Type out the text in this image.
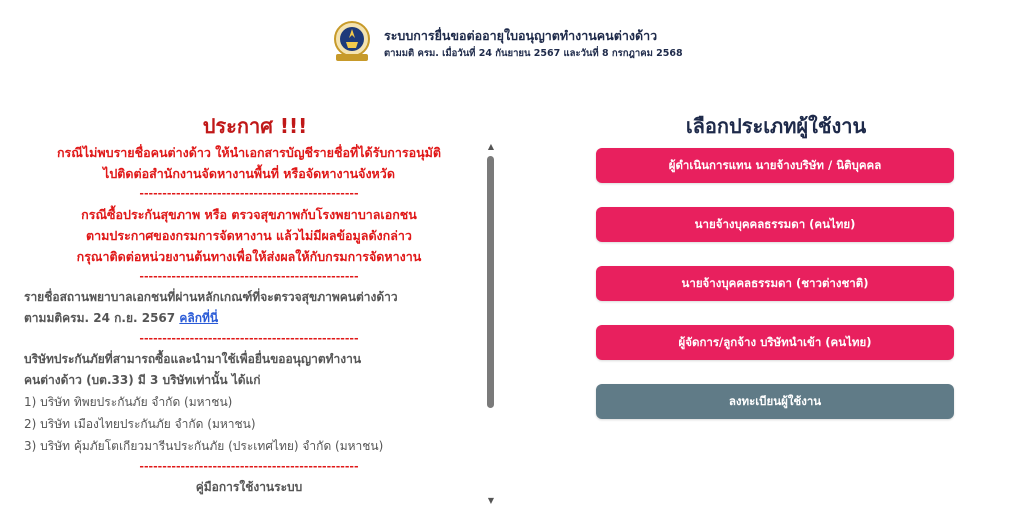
ระบบการยื่นขอต่ออายุใบอนุญาตทำงานคนต่างด้าว
ตามมติ ครม. เมื่อวันที่ 24 กันยายน 2567 และวันที่ 8 กรกฎาคม 2568
ประกาศ !!!
กรณีไม่พบรายชื่อคนต่างด้าว ให้นำเอกสารบัญชีรายชื่อที่ได้รับการอนุมัติ
ไปติดต่อสำนักงานจัดหางานพื้นที่ หรือจัดหางานจังหวัด
------------------------------------------------
กรณีซื้อประกันสุขภาพ หรือ ตรวจสุขภาพกับโรงพยาบาลเอกชน
ตามประกาศของกรมการจัดหางาน แล้วไม่มีผลข้อมูลดังกล่าว
กรุณาติดต่อหน่วยงานต้นทางเพื่อให้ส่งผลให้กับกรมการจัดหางาน
------------------------------------------------
รายชื่อสถานพยาบาลเอกชนที่ผ่านหลักเกณฑ์ที่จะตรวจสุขภาพคนต่างด้าว
ตามมติครม. 24 ก.ย. 2567 คลิกที่นี่
------------------------------------------------
บริษัทประกันภัยที่สามารถซื้อและนำมาใช้เพื่อยื่นขออนุญาตทำงาน
คนต่างด้าว (บต.33) มี 3 บริษัทเท่านั้น ได้แก่
1) บริษัท ทิพยประกันภัย จำกัด (มหาชน)
2) บริษัท เมืองไทยประกันภัย จำกัด (มหาชน)
3) บริษัท คุ้มภัยโตเกียวมารีนประกันภัย (ประเทศไทย) จำกัด (มหาชน)
------------------------------------------------
คู่มือการใช้งานระบบ
▲
▼
เลือกประเภทผู้ใช้งาน
ผู้ดำเนินการแทน นายจ้างบริษัท / นิติบุคคล
นายจ้างบุคคลธรรมดา (คนไทย)
นายจ้างบุคคลธรรมดา (ชาวต่างชาติ)
ผู้จัดการ/ลูกจ้าง บริษัทนำเข้า (คนไทย)
ลงทะเบียนผู้ใช้งาน
